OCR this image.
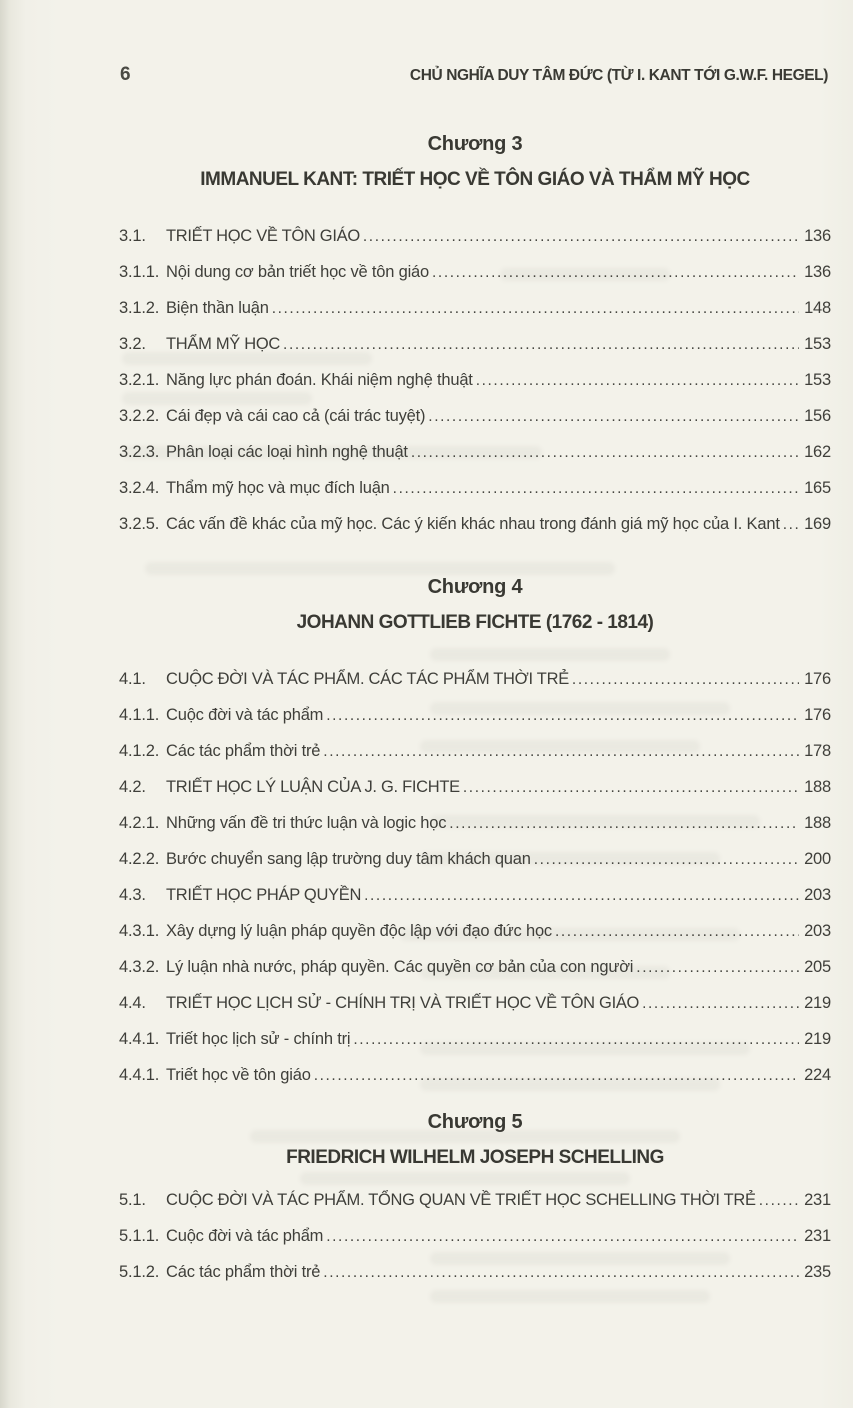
6	CHỦ NGHĨA DUY TÂM ĐỨC (TỪ I. KANT TỚI G.W.F. HEGEL)
Chương 3
IMMANUEL KANT: TRIẾT HỌC VỀ TÔN GIÁO VÀ THẨM MỸ HỌC
3.1.	TRIẾT HỌC VỀ TÔN GIÁO .....	136
3.1.1. Nội dung cơ bản triết học về tôn giáo .....	136
3.1.2. Biện thần luận .....	148
3.2.	THẨM MỸ HỌC .....	153
3.2.1. Năng lực phán đoán. Khái niệm nghệ thuật .....	153
3.2.2. Cái đẹp và cái cao cả (cái trác tuyệt) .....	156
3.2.3. Phân loại các loại hình nghệ thuật .....	162
3.2.4. Thẩm mỹ học và mục đích luận .....	165
3.2.5. Các vấn đề khác của mỹ học. Các ý kiến khác nhau trong đánh giá mỹ học của I. Kant ..... 169
Chương 4
JOHANN GOTTLIEB FICHTE (1762 - 1814)
4.1.	CUỘC ĐỜI VÀ TÁC PHẨM. CÁC TÁC PHẨM THỜI TRẺ .....	176
4.1.1. Cuộc đời và tác phẩm .....	176
4.1.2. Các tác phẩm thời trẻ .....	178
4.2.	TRIẾT HỌC LÝ LUẬN CỦA J. G. FICHTE .....	188
4.2.1. Những vấn đề tri thức luận và logic học .....	188
4.2.2. Bước chuyển sang lập trường duy tâm khách quan .....	200
4.3.	TRIẾT HỌC PHÁP QUYỀN .....	203
4.3.1. Xây dựng lý luận pháp quyền độc lập với đạo đức học .....	203
4.3.2. Lý luận nhà nước, pháp quyền. Các quyền cơ bản của con người .....	205
4.4.	TRIẾT HỌC LỊCH SỬ - CHÍNH TRỊ VÀ TRIẾT HỌC VỀ TÔN GIÁO .....	219
4.4.1. Triết học lịch sử - chính trị .....	219
4.4.1. Triết học về tôn giáo .....	224
Chương 5
FRIEDRICH WILHELM JOSEPH SCHELLING
5.1.	CUỘC ĐỜI VÀ TÁC PHẨM. TỔNG QUAN VỀ TRIẾT HỌC SCHELLING THỜI TRẺ .....	231
5.1.1. Cuộc đời và tác phẩm .....	231
5.1.2. Các tác phẩm thời trẻ .....	235
